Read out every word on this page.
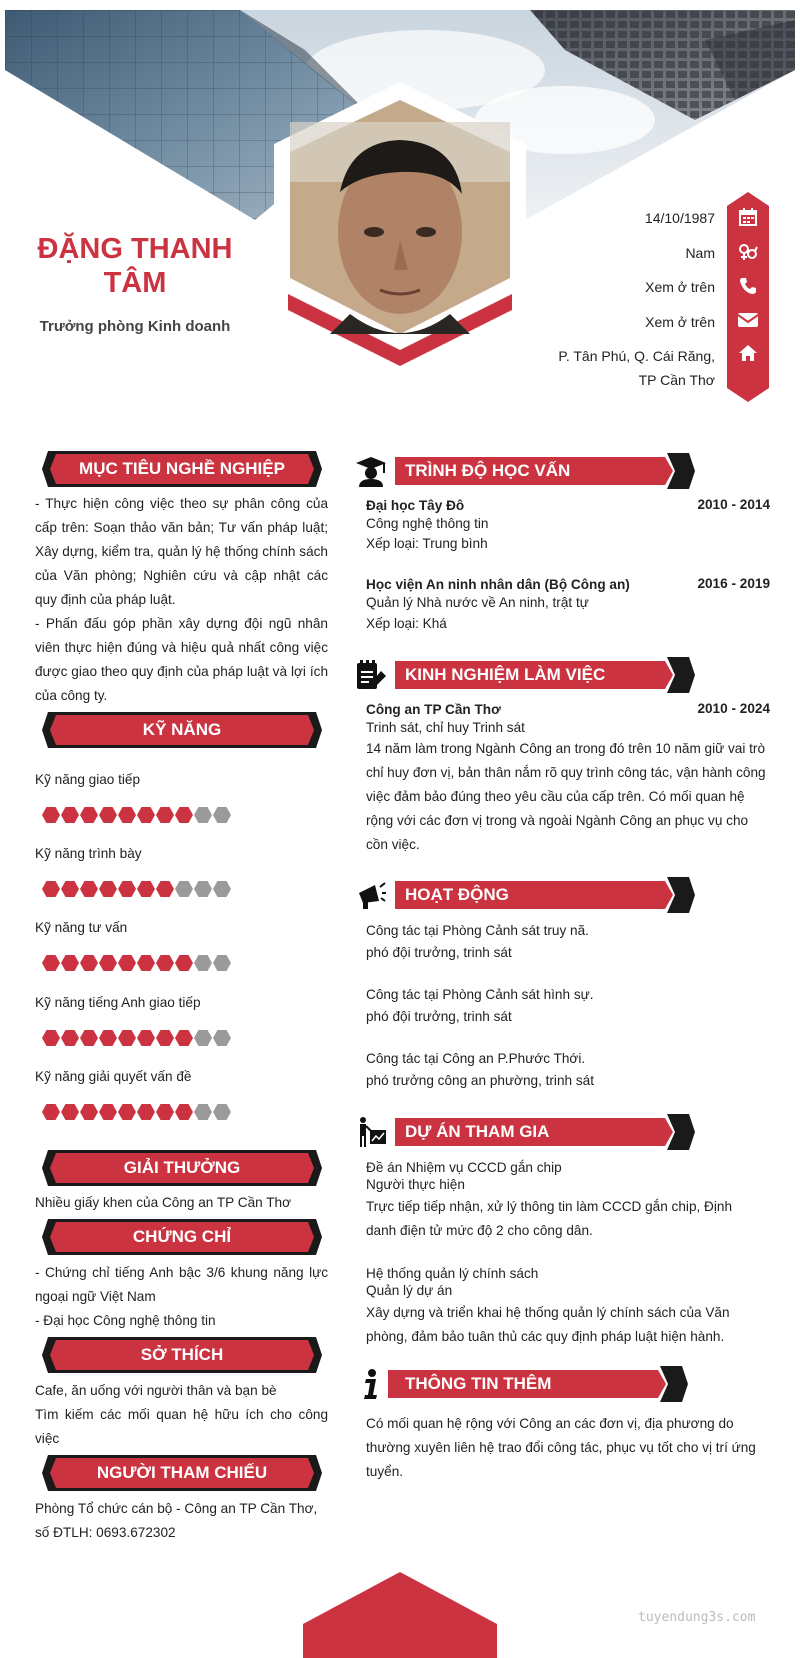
ĐẶNG THANH TÂM
Trưởng phòng Kinh doanh
14/10/1987
Nam
Xem ở trên
Xem ở trên
P. Tân Phú, Q. Cái Răng,
TP Cần Thơ
MỤC TIÊU NGHỀ NGHIỆP
- Thực hiện công việc theo sự phân công của cấp trên: Soạn thảo văn bản; Tư vấn pháp luật; Xây dựng, kiểm tra, quản lý hệ thống chính sách của Văn phòng; Nghiên cứu và cập nhật các quy định của pháp luật.
- Phấn đấu góp phần xây dựng đội ngũ nhân viên thực hiện đúng và hiệu quả nhất công việc được giao theo quy định của pháp luật và lợi ích của công ty.
KỸ NĂNG
Kỹ năng giao tiếp
Kỹ năng trình bày
Kỹ năng tư vấn
Kỹ năng tiếng Anh giao tiếp
Kỹ năng giải quyết vấn đề
GIẢI THƯỞNG
Nhiều giấy khen của Công an TP Cần Thơ
CHỨNG CHỈ
- Chứng chỉ tiếng Anh bậc 3/6 khung năng lực ngoại ngữ Việt Nam
- Đại học Công nghệ thông tin
SỞ THÍCH
Cafe, ăn uống với người thân và bạn bè
Tìm kiếm các mối quan hệ hữu ích cho công việc
NGƯỜI THAM CHIẾU
Phòng Tổ chức cán bộ - Công an TP Cần Thơ, số ĐTLH: 0693.672302
TRÌNH ĐỘ HỌC VẤN
Đại học Tây Đô	2010 - 2014
Công nghệ thông tin
Xếp loại: Trung bình
Học viện An ninh nhân dân (Bộ Công an)	2016 - 2019
Quản lý Nhà nước về An ninh, trật tự
Xếp loại: Khá
KINH NGHIỆM LÀM VIỆC
Công an TP Cần Thơ	2010 - 2024
Trinh sát, chỉ huy Trinh sát
14 năm làm trong Ngành Công an trong đó trên 10 năm giữ vai trò chỉ huy đơn vị, bản thân nắm rõ quy trình công tác, vận hành công việc đảm bảo đúng theo yêu cầu của cấp trên. Có mối quan hệ rộng với các đơn vị trong và ngoài Ngành Công an phục vụ cho cồn việc.
HOẠT ĐỘNG
Công tác tại Phòng Cảnh sát truy nã.
phó đội trưởng, trinh sát
Công tác tại Phòng Cảnh sát hình sự.
phó đội trưởng, trinh sát
Công tác tại Công an P.Phước Thới.
phó trưởng công an phường, trinh sát
DỰ ÁN THAM GIA
Đề án Nhiệm vụ CCCD gắn chip
Người thực hiện
Trực tiếp tiếp nhận, xử lý thông tin làm CCCD gắn chip, Định danh điện tử mức độ 2 cho công dân.
Hệ thống quản lý chính sách
Quản lý dự án
Xây dựng và triển khai hệ thống quản lý chính sách của Văn phòng, đảm bảo tuân thủ các quy định pháp luật hiện hành.
THÔNG TIN THÊM
Có mối quan hệ rộng với Công an các đơn vị, địa phương do thường xuyên liên hệ trao đổi công tác, phục vụ tốt cho vị trí ứng tuyển.
tuyendung3s.com
